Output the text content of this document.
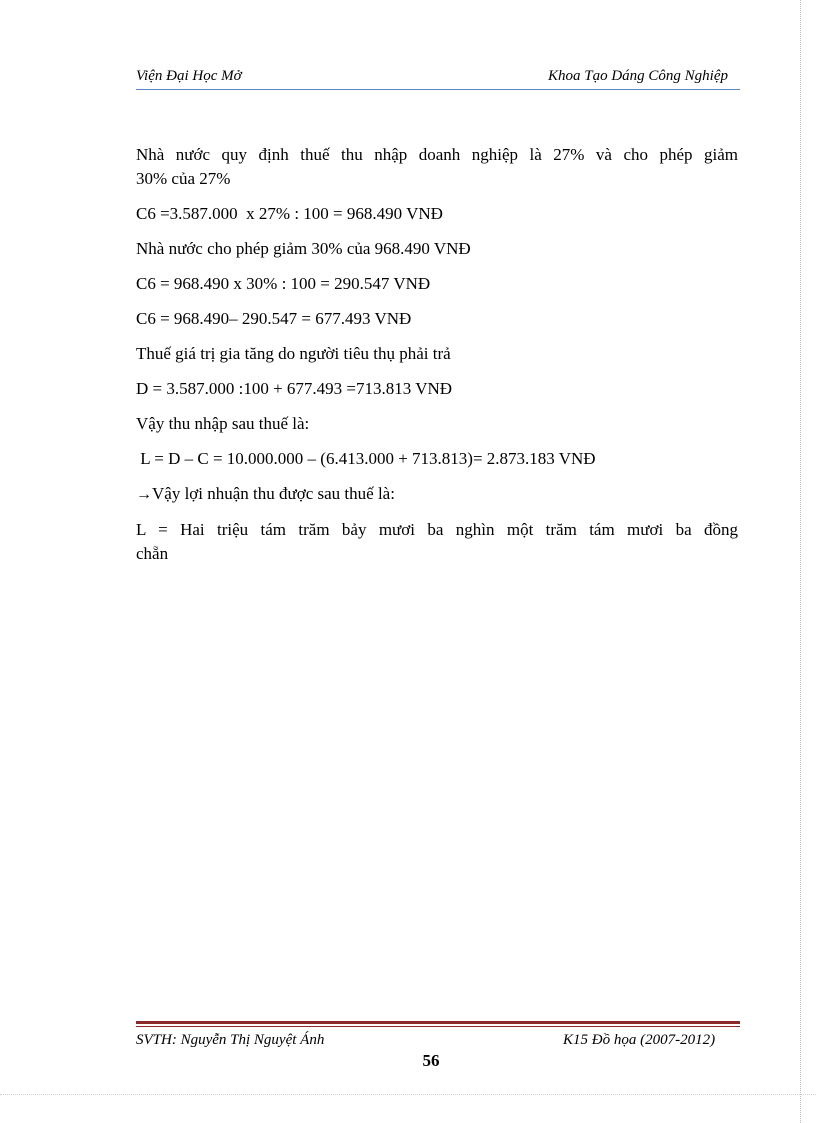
Viện Đại Học Mở	Khoa Tạo Dáng Công Nghiệp

Nhà nước quy định thuế thu nhập doanh nghiệp là 27% và cho phép giảm
30% của 27%

C6 =3.587.000  x 27% : 100 = 968.490 VNĐ

Nhà nước cho phép giảm 30% của 968.490 VNĐ

C6 = 968.490 x 30% : 100 = 290.547 VNĐ

C6 = 968.490– 290.547 = 677.493 VNĐ

Thuế giá trị gia tăng do người tiêu thụ phải trả

D = 3.587.000 :100 + 677.493 =713.813 VNĐ

Vậy thu nhập sau thuế là:

L = D – C = 10.000.000 – (6.413.000 + 713.813)= 2.873.183 VNĐ

→Vậy lợi nhuận thu được sau thuế là:

L = Hai triệu tám trăm bảy mươi ba nghìn một trăm tám mươi ba đồng
chẵn

SVTH: Nguyễn Thị Nguyệt Ánh	K15 Đồ họa (2007-2012)
56
